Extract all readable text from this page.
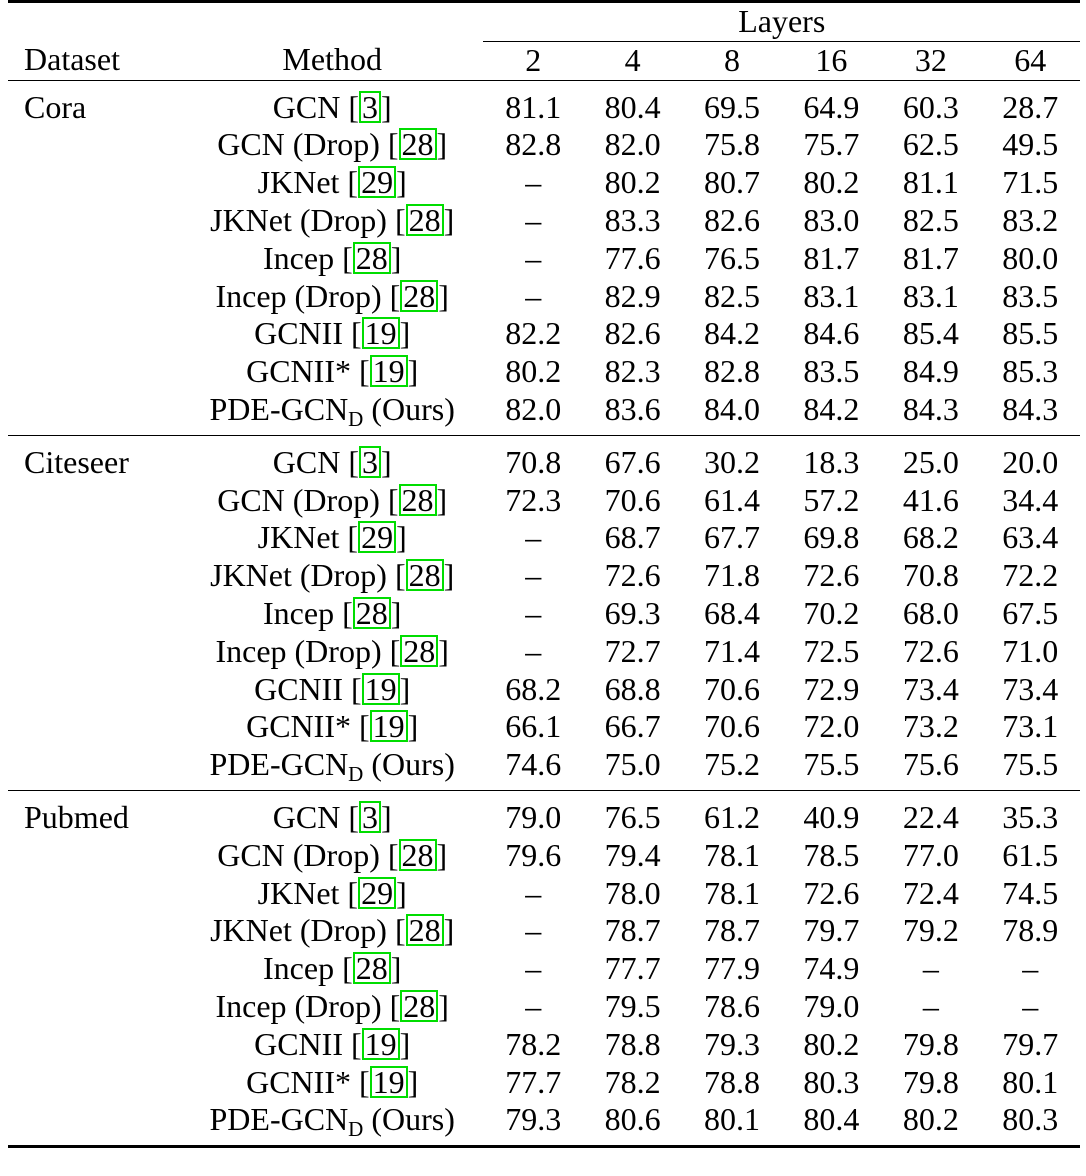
		Layers					
Dataset	Method	2	4	8	16	32	64
Cora	GCN [3]	81.1	80.4	69.5	64.9	60.3	28.7
	GCN (Drop) [28]	82.8	82.0	75.8	75.7	62.5	49.5
	JKNet [29]	–	80.2	80.7	80.2	81.1	71.5
	JKNet (Drop) [28]	–	83.3	82.6	83.0	82.5	83.2
	Incep [28]	–	77.6	76.5	81.7	81.7	80.0
	Incep (Drop) [28]	–	82.9	82.5	83.1	83.1	83.5
	GCNII [19]	82.2	82.6	84.2	84.6	85.4	85.5
	GCNII* [19]	80.2	82.3	82.8	83.5	84.9	85.3
	PDE-$GCN_D$ (Ours)	82.0	83.6	84.0	84.2	84.3	84.3
Citeseer	GCN [3]	70.8	67.6	30.2	18.3	25.0	20.0
	GCN (Drop) [28]	72.3	70.6	61.4	57.2	41.6	34.4
	JKNet [29]	–	68.7	67.7	69.8	68.2	63.4
	JKNet (Drop) [28]	–	72.6	71.8	72.6	70.8	72.2
	Incep [28]	–	69.3	68.4	70.2	68.0	67.5
	Incep (Drop) [28]	–	72.7	71.4	72.5	72.6	71.0
	GCNII [19]	68.2	68.8	70.6	72.9	73.4	73.4
	GCNII* [19]	66.1	66.7	70.6	72.0	73.2	73.1
	PDE-$GCN_D$ (Ours)	74.6	75.0	75.2	75.5	75.6	75.5
Pubmed	GCN [3]	79.0	76.5	61.2	40.9	22.4	35.3
	GCN (Drop) [28]	79.6	79.4	78.1	78.5	77.0	61.5
	JKNet [29]	–	78.0	78.1	72.6	72.4	74.5
	JKNet (Drop) [28]	–	78.7	78.7	79.7	79.2	78.9
	Incep [28]	–	77.7	77.9	74.9	–	–
	Incep (Drop) [28]	–	79.5	78.6	79.0	–	–
	GCNII [19]	78.2	78.8	79.3	80.2	79.8	79.7
	GCNII* [19]	77.7	78.2	78.8	80.3	79.8	80.1
	PDE-$GCN_D$ (Ours)	79.3	80.6	80.1	80.4	80.2	80.3
